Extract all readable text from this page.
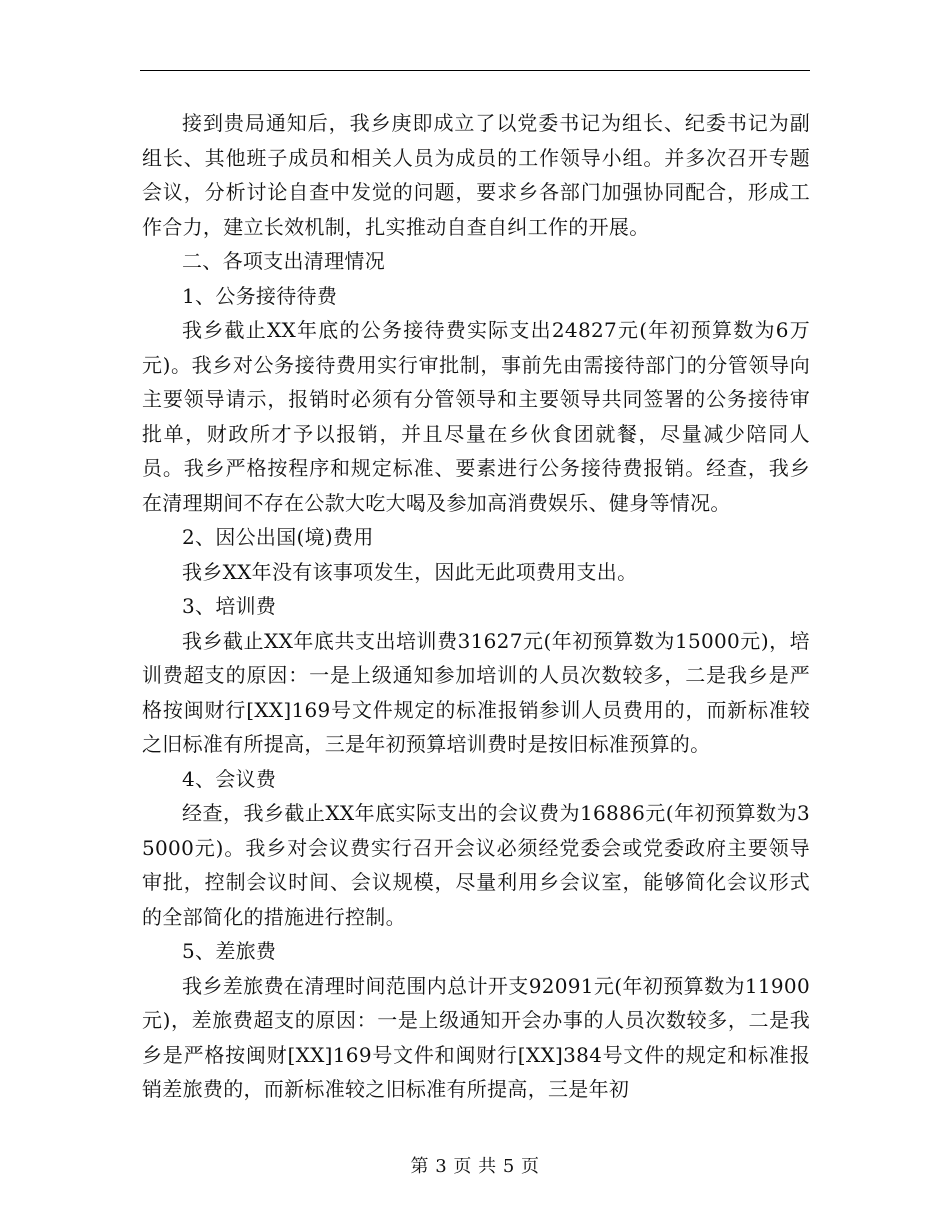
接到贵局通知后，我乡庚即成立了以党委书记为组长、纪委书记为副组长、其他班子成员和相关人员为成员的工作领导小组。并多次召开专题会议，分析讨论自查中发觉的问题，要求乡各部门加强协同配合，形成工作合力，建立长效机制，扎实推动自查自纠工作的开展。

二、各项支出清理情况

1、公务接待待费

我乡截止XX年底的公务接待费实际支出24827元(年初预算数为6万元)。我乡对公务接待费用实行审批制，事前先由需接待部门的分管领导向主要领导请示，报销时必须有分管领导和主要领导共同签署的公务接待审批单，财政所才予以报销，并且尽量在乡伙食团就餐，尽量减少陪同人员。我乡严格按程序和规定标准、要素进行公务接待费报销。经查，我乡在清理期间不存在公款大吃大喝及参加高消费娱乐、健身等情况。

2、因公出国(境)费用

我乡XX年没有该事项发生，因此无此项费用支出。

3、培训费

我乡截止XX年底共支出培训费31627元(年初预算数为15000元)，培训费超支的原因：一是上级通知参加培训的人员次数较多，二是我乡是严格按闽财行[XX]169号文件规定的标准报销参训人员费用的，而新标准较之旧标准有所提高，三是年初预算培训费时是按旧标准预算的。

4、会议费

经查，我乡截止XX年底实际支出的会议费为16886元(年初预算数为35000元)。我乡对会议费实行召开会议必须经党委会或党委政府主要领导审批，控制会议时间、会议规模，尽量利用乡会议室，能够简化会议形式的全部简化的措施进行控制。

5、差旅费

我乡差旅费在清理时间范围内总计开支92091元(年初预算数为11900元)，差旅费超支的原因：一是上级通知开会办事的人员次数较多，二是我乡是严格按闽财[XX]169号文件和闽财行[XX]384号文件的规定和标准报销差旅费的，而新标准较之旧标准有所提高，三是年初

第 3 页 共 5 页
